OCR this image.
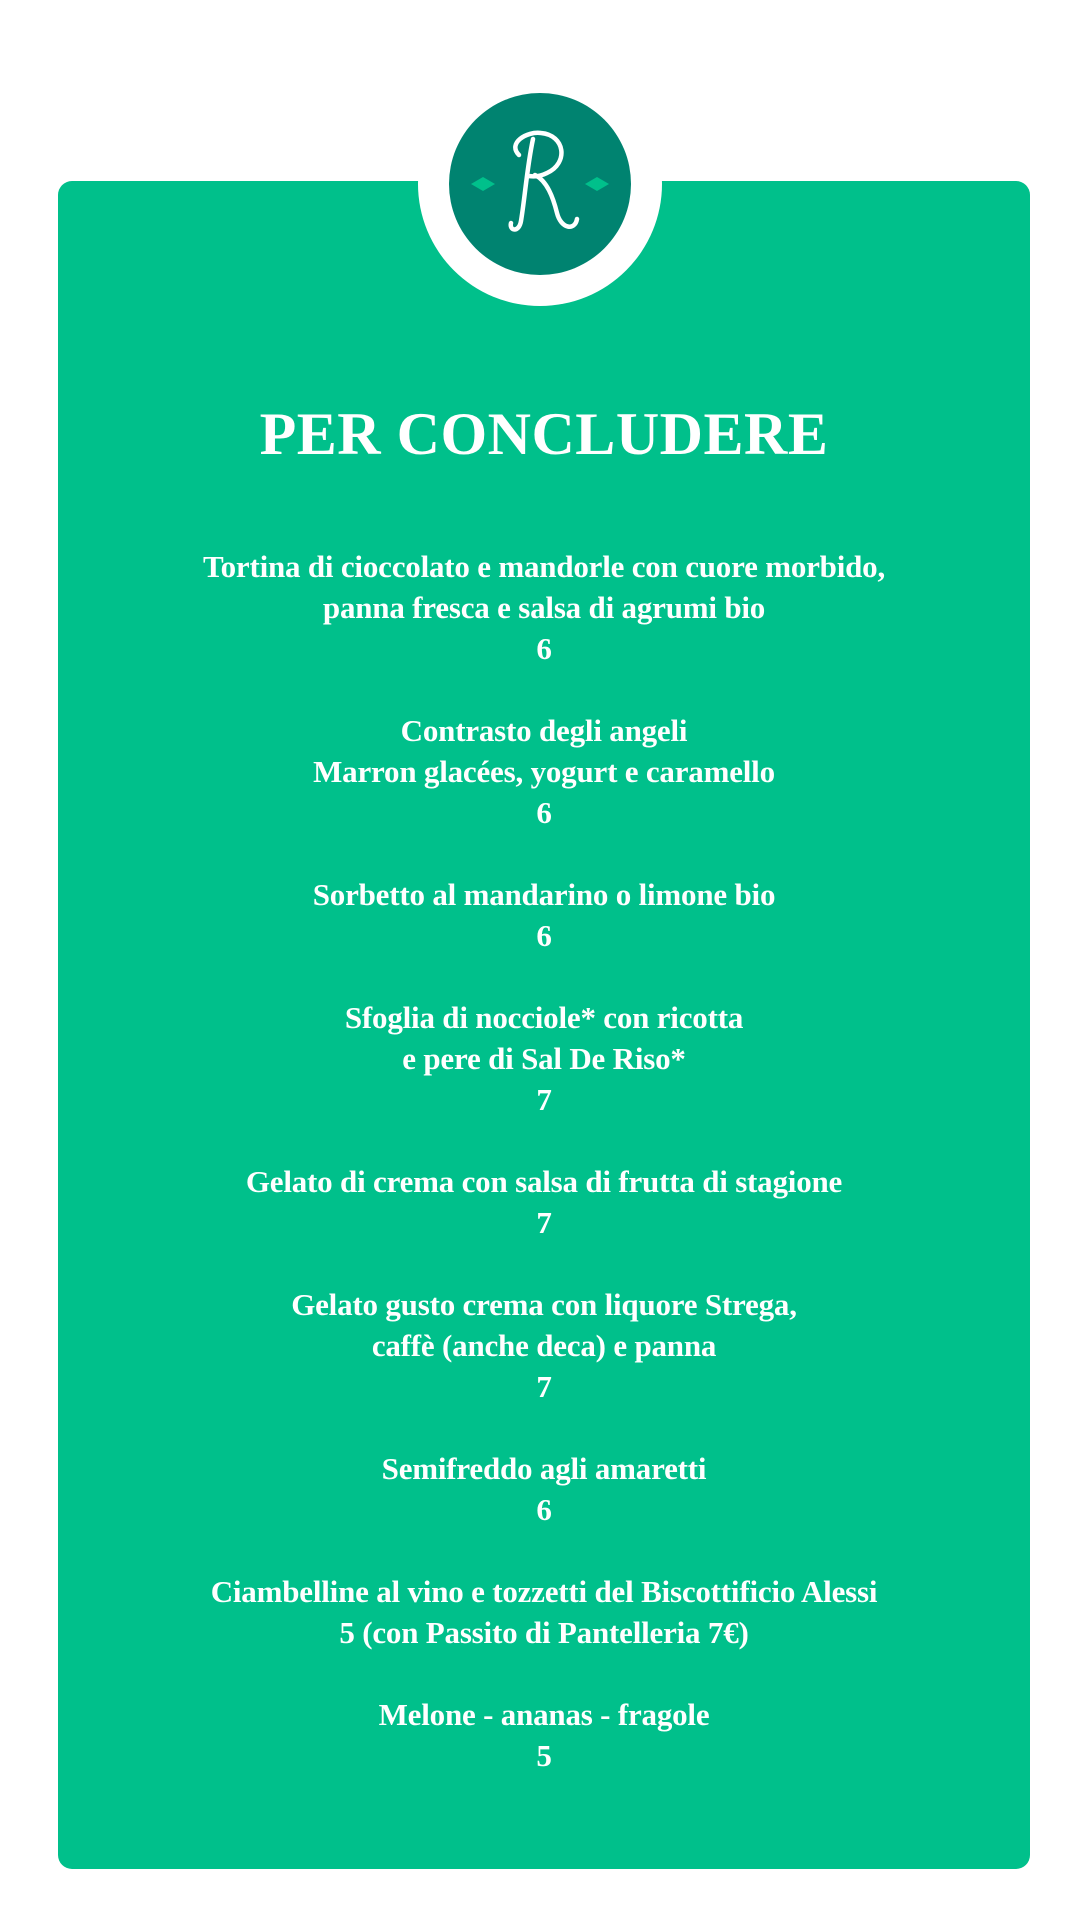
PER CONCLUDERE
Tortina di cioccolato e mandorle con cuore morbido,
panna fresca e salsa di agrumi bio
6
Contrasto degli angeli
Marron glacées, yogurt e caramello
6
Sorbetto al mandarino o limone bio
6
Sfoglia di nocciole* con ricotta
e pere di Sal De Riso*
7
Gelato di crema con salsa di frutta di stagione
7
Gelato gusto crema con liquore Strega,
caffè (anche deca) e panna
7
Semifreddo agli amaretti
6
Ciambelline al vino e tozzetti del Biscottificio Alessi
5 (con Passito di Pantelleria 7€)
Melone - ananas - fragole
5
